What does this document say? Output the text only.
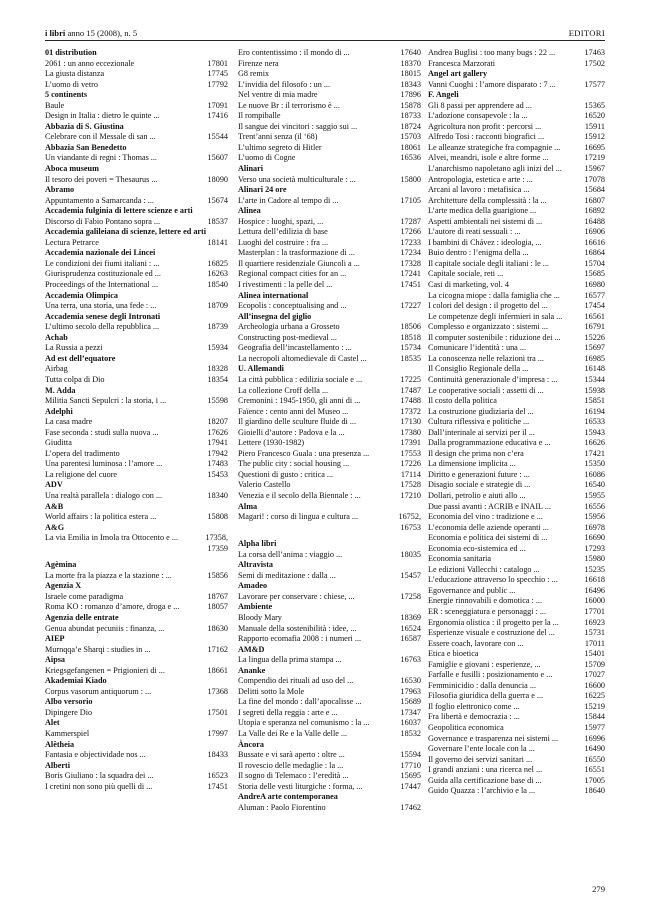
i libri anno 15 (2008), n. 5	EDITORI
01 distribution
2061 : un anno eccezionale	17801
La giusta distanza	17745
L’uomo di vetro	17792
5 continents
Baule	17091
Design in Italia : dietro le quinte ...	17416
Abbazia di S. Giustina
Celebrare con il Messale di san ...	15544
Abbazia San Benedetto
Un viandante di regni : Thomas ...	15607
Aboca museum
Il tesoro dei poveri = Thesaurus ...	18090
Abramo
Appuntamento a Samarcanda : ...	15674
Accademia fulginia di lettere scienze e arti
Discorso di Fabio Pontano sopra ...	18537
Accademia galileiana di scienze, lettere ed arti
Lectura Petrarce	18141
Accademia nazionale dei Lincei
Le condizioni dei fiumi italiani : ...	16825
Giurisprudenza costituzionale ed ...	16263
Proceedings of the International ...	18540
Accademia Olimpica
Una terra, una storia, una fede : ...	18709
Accademia senese degli Intronati
L’ultimo secolo della repubblica ...	18739
Achab
La Russia a pezzi	15934
Ad est dell’equatore
Airbag	18328
Tutta colpa di Dio	18354
M. Adda
Militia Sancti Sepulcri : la storia, i ...	15598
Adelphi
La casa madre	18207
Fase seconda : studi sulla nuova ...	17626
Giuditta	17941
L’opera del tradimento	17942
Una parentesi luminosa : l’amore ...	17483
La religione del cuore	15453
ADV
Una realtà parallela : dialogo con ...	18340
A&B
World affairs : la politica estera ...	15808
A&G
La via Emilia in Imola tra Ottocento e ...	17358,
17359
Agèmina
La morte fra la piazza e la stazione : ...	15856
Agenzia X
Israele come paradigma	18767
Roma KO : romanzo d’amore, droga e ...	18057
Agenzia delle entrate
Genua abundat pecuniis : finanza, ...	18630
AIEP
Murnqqa’e Sharqi : studies in ...	17162
Aipsa
Kriegsgefangenen = Prigionieri di ...	18661
Akademiai Kiado
Corpus vasorum antiquorum : ...	17368
Albo versorio
Dipingere Dio	17501
Alet
Kammerspiel	17997
Alêtheia
Fantasia e objectividade nos ...	18433
Alberti
Boris Giuliano : la squadra dei ...	16523
I cretini non sono più quelli di ...	17451
Ero contentissimo : il mondo di ...	17640
Firenze nera	18370
G8 remix	18015
L’invidia del filosofo : un ...	18343
Nel ventre di mia madre	17896
Le nuove Br : il terrorismo è ...	15878
Il rompiballe	18733
Il sangue dei vincitori : saggio sui ...	18724
Trent’anni senza (il ‘68)	15703
L’ultimo segreto di Hitler	18061
L’uomo di Cogne	16536
Alinari
Verso una società multiculturale : ...	15800
Alinari 24 ore
L’arte in Cadore al tempo di ...	17105
Alinea
Hospice : luoghi, spazi, ...	17287
Lettura dell’edilizia di base	17266
Luoghi del costruire : fra ...	17233
Masterplan : la trasformazione di ...	17234
Il quartiere residenziale Giuncoli a ...	17328
Regional compact cities for an ...	17241
I rivestimenti : la pelle del ...	17451
Alinea international
Ecopolis : conceptualising and ...	17227
All’insegna del giglio
Archeologia urbana a Grosseto	18506
Constructing post-medieval ...	18518
Geografia dell’incastellamento : ...	15734
La necropoli altomedievale di Castel ...	18535
U. Allemandi
La città pubblica : edilizia sociale e ...	17225
La collezione Croff della ...	17487
Cremonini : 1945-1950, gli anni di ...	17488
Faïence : cento anni del Museo ...	17372
Il giardino delle sculture fluide di ...	17130
Gioielli d’autore : Padova e la ...	17380
Lettere (1930-1982)	17391
Piero Francesco Guala : una presenza ...	17553
The public city : social housing ...	17226
Questioni di gusto : critica ...	17114
Valerio Castello	17528
Venezia e il secolo della Biennale : ...	17210
Alma
Magari! : corso di lingua e cultura ...	16752,
16753
Alpha libri
La corsa dell’anima : viaggio ...	18035
Altravista
Semi di meditazione : dalla ...	15457
Amadeo
Lavorare per conservare : chiese, ...	17258
Ambiente
Bloody Mary	18369
Manuale della sostenibilità : idee, ...	16524
Rapporto ecomafia 2008 : i numeri ...	16587
AM&D
La lingua della prima stampa ...	16763
Ananke
Compendio dei rituali ad uso del ...	16530
Delitti sotto la Mole	17963
La fine del mondo : dall’apocalisse ...	15689
I segreti della reggia : arte e ...	17347
Utopia e speranza nel comunismo : la ...	16037
La Valle dei Re e la Valle delle ...	18532
Àncora
Bussate e vi sarà aperto : oltre ...	15594
Il rovescio delle medaglie : la ...	17710
Il sogno di Telemaco : l’eredità ...	15695
Storia delle vesti liturgiche : forma, ...	17447
AndreA arte contemporanea
Aluman : Paolo Fiorentino	17462
Andrea Buglisi : too many bugs : 22 ...	17463
Francesca Marzorati	17502
Angel art gallery
Vanni Cuoghi : l’amore disparato : 7 ...	17577
F. Angeli
Gli 8 passi per apprendere ad ...	15365
L’adozione consapevole : la ...	16520
Agricoltura non profit : percorsi ...	15911
Alfredo Tosi : racconti biografici ...	15912
Le alleanze strategiche fra compagnie ...	16695
Alvei, meandri, isole e altre forme ...	17219
L’anarchismo napoletano agli inizi del ...	15967
Antropologia, estetica e arte : ...	17078
Arcani al lavoro : metafisica ...	15684
Architetture della complessità : la ...	16807
L’arte medica della guarigione ...	16892
Aspetti ambientali nei sistemi di ...	16488
L’autore di reati sessuali : ...	16906
I bambini di Chávez : ideologia, ...	16616
Buio dentro : l’enigma della ...	16864
Il capitale sociale degli italiani : le ...	15704
Capitale sociale, reti ...	15685
Casi di marketing, vol. 4	16980
La cicogna miope : dalla famiglia che ...	16577
I colori del design : il progetto del ...	17454
Le competenze degli infermieri in sala ...	16561
Complesso e organizzato : sistemi ...	16791
Il computer sostenibile : riduzione dei ...	15226
Comunicare l’identità : una ...	15697
La conoscenza nelle relazioni tra ...	16985
Il Consiglio Regionale della ...	16148
Continuità generazionale d’impresa : ...	15344
Le cooperative sociali : assetti di ...	15938
Il costo della politica	15851
La costruzione giudiziaria del ...	16194
Cultura riflessiva e politiche ...	16533
Dall’interinale ai servizi per il ...	15943
Dalla programmazione educativa e ...	16626
Il design che prima non c’era	17421
La dimensione implicita ...	15350
Diritto e generazioni future : ...	16086
Disagio sociale e strategie di ...	16540
Dollari, petrolio e aiuti allo ...	15955
Due passi avanti : ACRIB e INAIL ...	16556
Economia del vino : tradizione e ...	15956
L’economia delle aziende operanti ...	16978
Economia e politica dei sistemi di ...	16690
Economia eco-sistemica ed ...	17293
Economia sanitaria	15980
Le edizioni Vallecchi : catalogo ...	15235
L’educazione attraverso lo specchio : ...	16618
Egovernance and public ...	16496
Energie rinnovabili e domotica : ...	16000
ER : sceneggiatura e personaggi : ...	17701
Ergonomia olistica : il progetto per la ...	16923
Esperienze visuale e costruzione del ...	15731
Essere coach, lavorare con ...	17011
Etica e bioetica	15401
Famiglie e giovani : esperienze, ...	15709
Farfalle e fusilli : posizionamento e ...	17027
Femminicidio : dalla denuncia ...	16600
Filosofia giuridica della guerra e ...	16225
Il foglio elettronico come ...	15219
Fra libertà e democrazia : ...	15844
Geopolitica economica	15977
Governance e trasparenza nei sistemi ...	16996
Governare l’ente locale con la ...	16490
Il governo dei servizi sanitari ...	16550
I grandi anziani : una ricerca nel ...	16551
Guida alla certificazione base di ...	17005
Guido Quazza : l’archivio e la ...	18640
279
